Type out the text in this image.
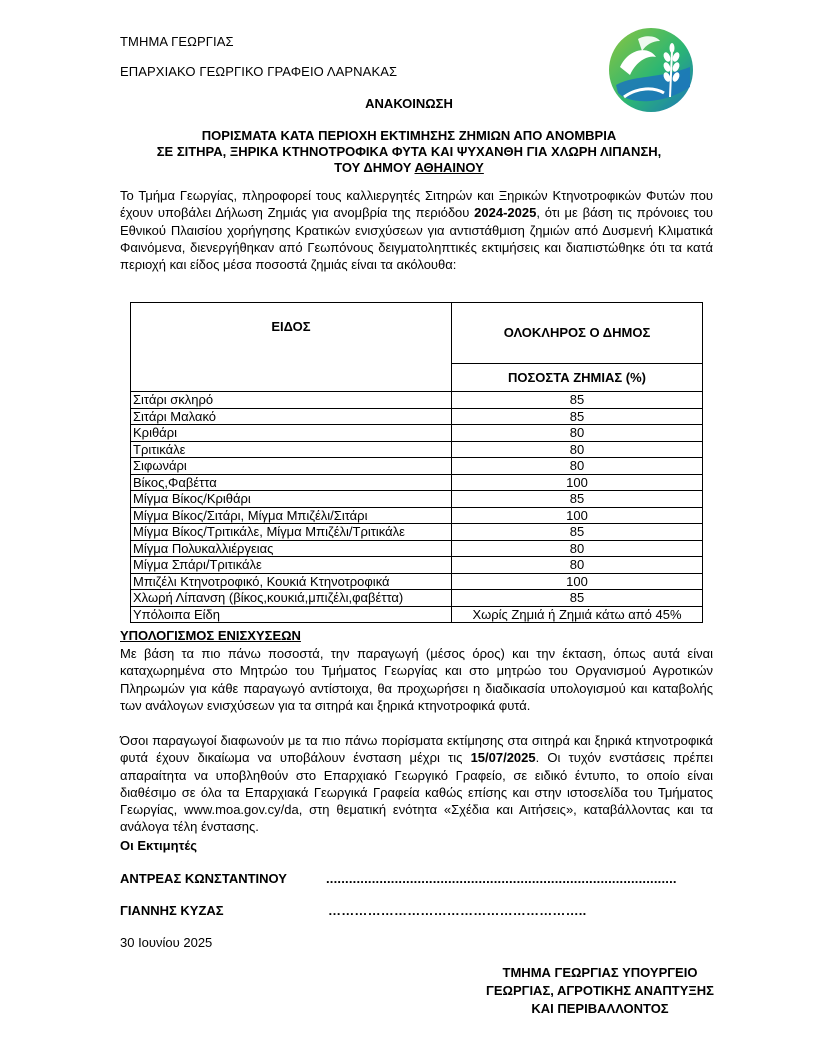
ΤΜΗΜΑ ΓΕΩΡΓΙΑΣ
ΕΠΑΡΧΙΑΚΟ ΓΕΩΡΓΙΚΟ ΓΡΑΦΕΙΟ ΛΑΡΝΑΚΑΣ
ΑΝΑΚΟΙΝΩΣΗ
ΠΟΡΙΣΜΑΤΑ ΚΑΤΑ ΠΕΡΙΟΧΗ ΕΚΤΙΜΗΣΗΣ ΖΗΜΙΩΝ ΑΠΟ ΑΝΟΜΒΡΙΑ
ΣΕ ΣΙΤΗΡΑ, ΞΗΡΙΚΑ ΚΤΗΝΟΤΡΟΦΙΚΑ ΦΥΤΑ ΚΑΙ ΨΥΧΑΝΘΗ ΓΙΑ ΧΛΩΡΗ ΛΙΠΑΝΣΗ,
ΤΟΥ ΔΗΜΟΥ ΑΘΗΑΙΝΟΥ
Το Τμήμα Γεωργίας, πληροφορεί τους καλλιεργητές Σιτηρών και Ξηρικών Κτηνοτροφικών Φυτών που έχουν υποβάλει Δήλωση Ζημιάς για ανομβρία της περιόδου 2024-2025, ότι με βάση τις πρόνοιες του Εθνικού Πλαισίου χορήγησης Κρατικών ενισχύσεων για αντιστάθμιση ζημιών από Δυσμενή Κλιματικά Φαινόμενα, διενεργήθηκαν από Γεωπόνους δειγματοληπτικές εκτιμήσεις και διαπιστώθηκε ότι τα κατά περιοχή και είδος μέσα ποσοστά ζημιάς είναι τα ακόλουθα:
ΕΙΔΟΣ	ΟΛΟΚΛΗΡΟΣ Ο ΔΗΜΟΣ
	ΠΟΣΟΣΤΑ ΖΗΜΙΑΣ (%)
Σιτάρι σκληρό	85
Σιτάρι Μαλακό	85
Κριθάρι	80
Τριτικάλε	80
Σιφωνάρι	80
Βίκος,Φαβέττα	100
Μίγμα Βίκος/Κριθάρι	85
Μίγμα Βίκος/Σιτάρι, Μίγμα Μπιζέλι/Σιτάρι	100
Μίγμα Βίκος/Τριτικάλε, Μίγμα Μπιζέλι/Τριτικάλε	85
Μίγμα Πολυκαλλιέργειας	80
Μίγμα Σπάρι/Τριτικάλε	80
Μπιζέλι Κτηνοτροφικό, Κουκιά Κτηνοτροφικά	100
Χλωρή Λίπανση (βίκος,κουκιά,μπιζέλι,φαβέττα)	85
Υπόλοιπα Είδη	Χωρίς Ζημιά ή Ζημιά κάτω από 45%
ΥΠΟΛΟΓΙΣΜΟΣ ΕΝΙΣΧΥΣΕΩΝ
Με βάση τα πιο πάνω ποσοστά, την παραγωγή (μέσος όρος) και την έκταση, όπως αυτά είναι καταχωρημένα στο Μητρώο του Τμήματος Γεωργίας και στο μητρώο του Οργανισμού Αγροτικών Πληρωμών για κάθε παραγωγό αντίστοιχα, θα προχωρήσει η διαδικασία υπολογισμού και καταβολής των ανάλογων ενισχύσεων για τα σιτηρά και ξηρικά κτηνοτροφικά φυτά.
Όσοι παραγωγοί διαφωνούν με τα πιο πάνω πορίσματα εκτίμησης στα σιτηρά και ξηρικά κτηνοτροφικά φυτά έχουν δικαίωμα να υποβάλουν ένσταση μέχρι τις 15/07/2025. Οι τυχόν ενστάσεις πρέπει απαραίτητα να υποβληθούν στο Επαρχιακό Γεωργικό Γραφείο, σε ειδικό έντυπο, το οποίο είναι διαθέσιμο σε όλα τα Επαρχιακά Γεωργικά Γραφεία καθώς επίσης και στην ιστοσελίδα του Τμήματος Γεωργίας, www.moa.gov.cy/da, στη θεματική ενότητα «Σχέδια και Αιτήσεις», καταβάλλοντας και τα ανάλογα τέλη ένστασης.
Οι Εκτιμητές
ΑΝΤΡΕΑΣ ΚΩΝΣΤΑΝΤΙΝΟΥ	............................................................................................
ΓΙΑΝΝΗΣ ΚΥΖΑΣ	…………………………………………………..
30 Ιουνίου 2025
ΤΜΗΜΑ ΓΕΩΡΓΙΑΣ ΥΠΟΥΡΓΕΙΟ
ΓΕΩΡΓΙΑΣ, ΑΓΡΟΤΙΚΗΣ ΑΝΑΠΤΥΞΗΣ
ΚΑΙ ΠΕΡΙΒΑΛΛΟΝΤΟΣ
